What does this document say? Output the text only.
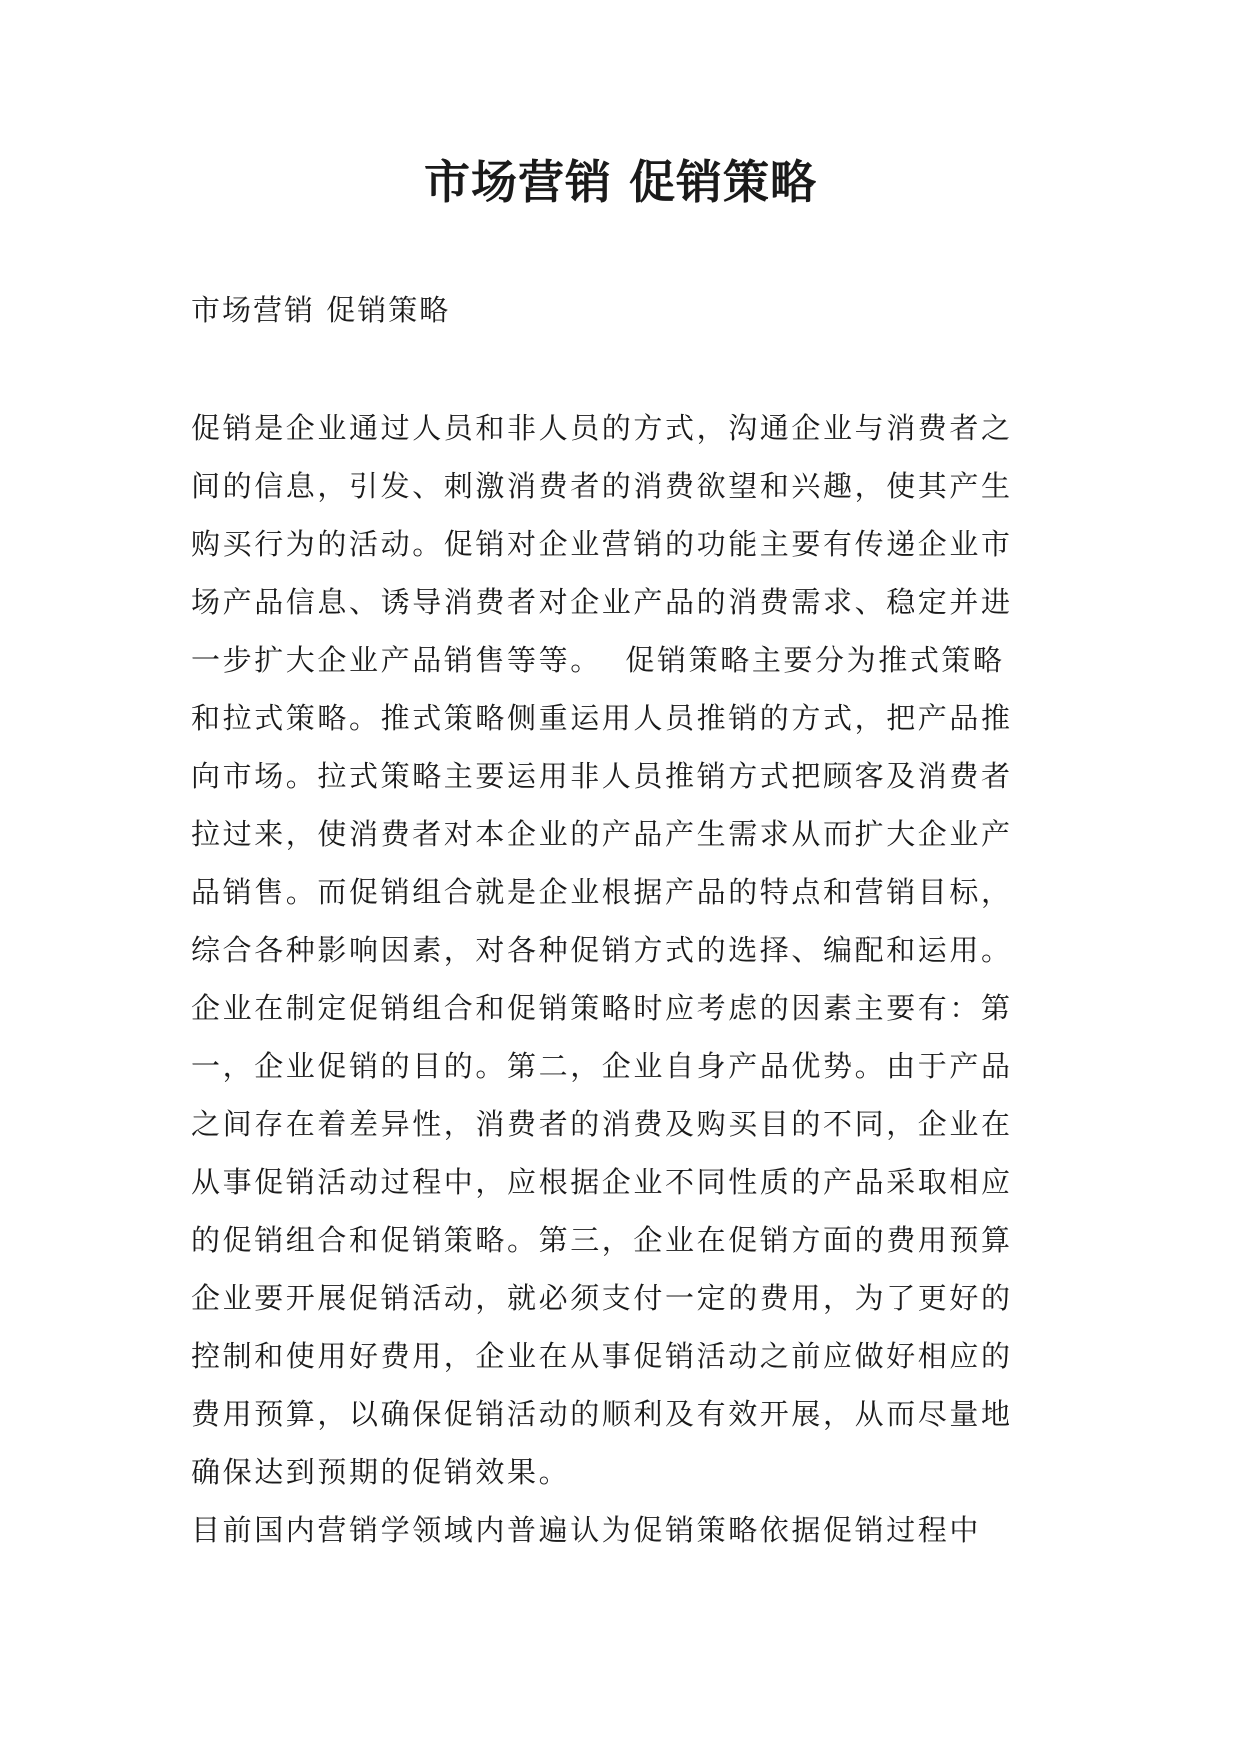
市场营销 促销策略

市场营销 促销策略

促销是企业通过人员和非人员的方式，沟通企业与消费者之
间的信息，引发、刺激消费者的消费欲望和兴趣，使其产生
购买行为的活动。促销对企业营销的功能主要有传递企业市
场产品信息、诱导消费者对企业产品的消费需求、稳定并进
一步扩大企业产品销售等等。  促销策略主要分为推式策略
和拉式策略。推式策略侧重运用人员推销的方式，把产品推
向市场。拉式策略主要运用非人员推销方式把顾客及消费者
拉过来，使消费者对本企业的产品产生需求从而扩大企业产
品销售。而促销组合就是企业根据产品的特点和营销目标，
综合各种影响因素，对各种促销方式的选择、编配和运用。
企业在制定促销组合和促销策略时应考虑的因素主要有：第
一，企业促销的目的。第二，企业自身产品优势。由于产品
之间存在着差异性，消费者的消费及购买目的不同，企业在
从事促销活动过程中，应根据企业不同性质的产品采取相应
的促销组合和促销策略。第三，企业在促销方面的费用预算
企业要开展促销活动，就必须支付一定的费用，为了更好的
控制和使用好费用，企业在从事促销活动之前应做好相应的
费用预算，以确保促销活动的顺利及有效开展，从而尽量地
确保达到预期的促销效果。
目前国内营销学领域内普遍认为促销策略依据促销过程中
